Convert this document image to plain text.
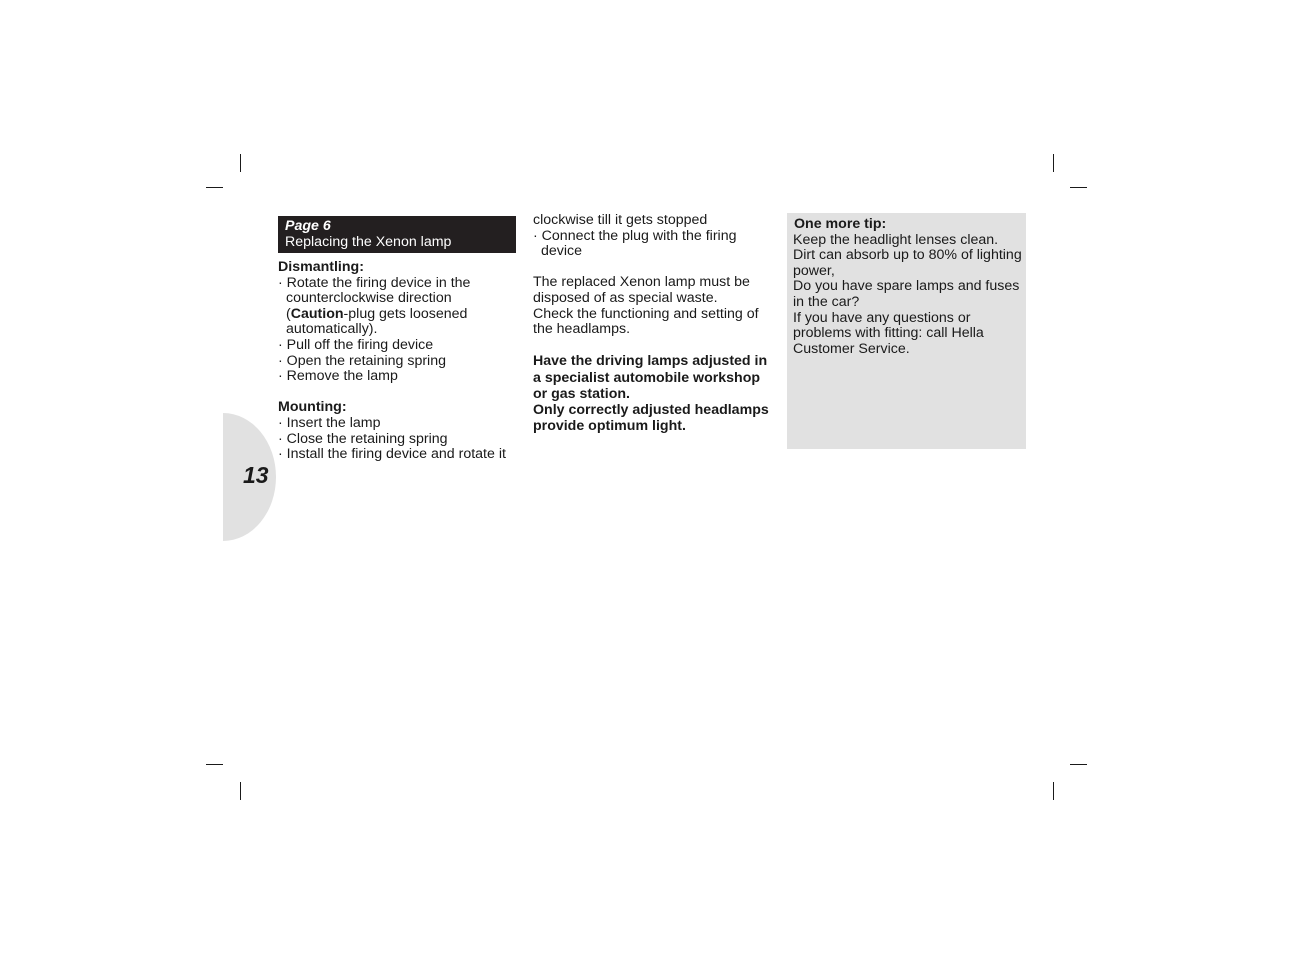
13
Page 6
Replacing the Xenon lamp

Dismantling:

· Rotate the firing device in the counterclockwise direction (Caution-plug gets loosened automatically).
· Pull off the firing device
· Open the retaining spring
· Remove the lamp

Mounting:

· Insert the lamp
· Close the retaining spring
· Install the firing device and rotate it

clockwise till it gets stopped

· Connect the plug with the firing device

The replaced Xenon lamp must be disposed of as special waste.

Check the functioning and setting of the headlamps.

Have the driving lamps adjusted in a specialist automobile workshop or gas station.

Only correctly adjusted headlamps provide optimum light.

One more tip:

Keep the headlight lenses clean.

Dirt can absorb up to 80% of lighting power,

Do you have spare lamps and fuses in the car?

If you have any questions or problems with fitting: call Hella Customer Service.
